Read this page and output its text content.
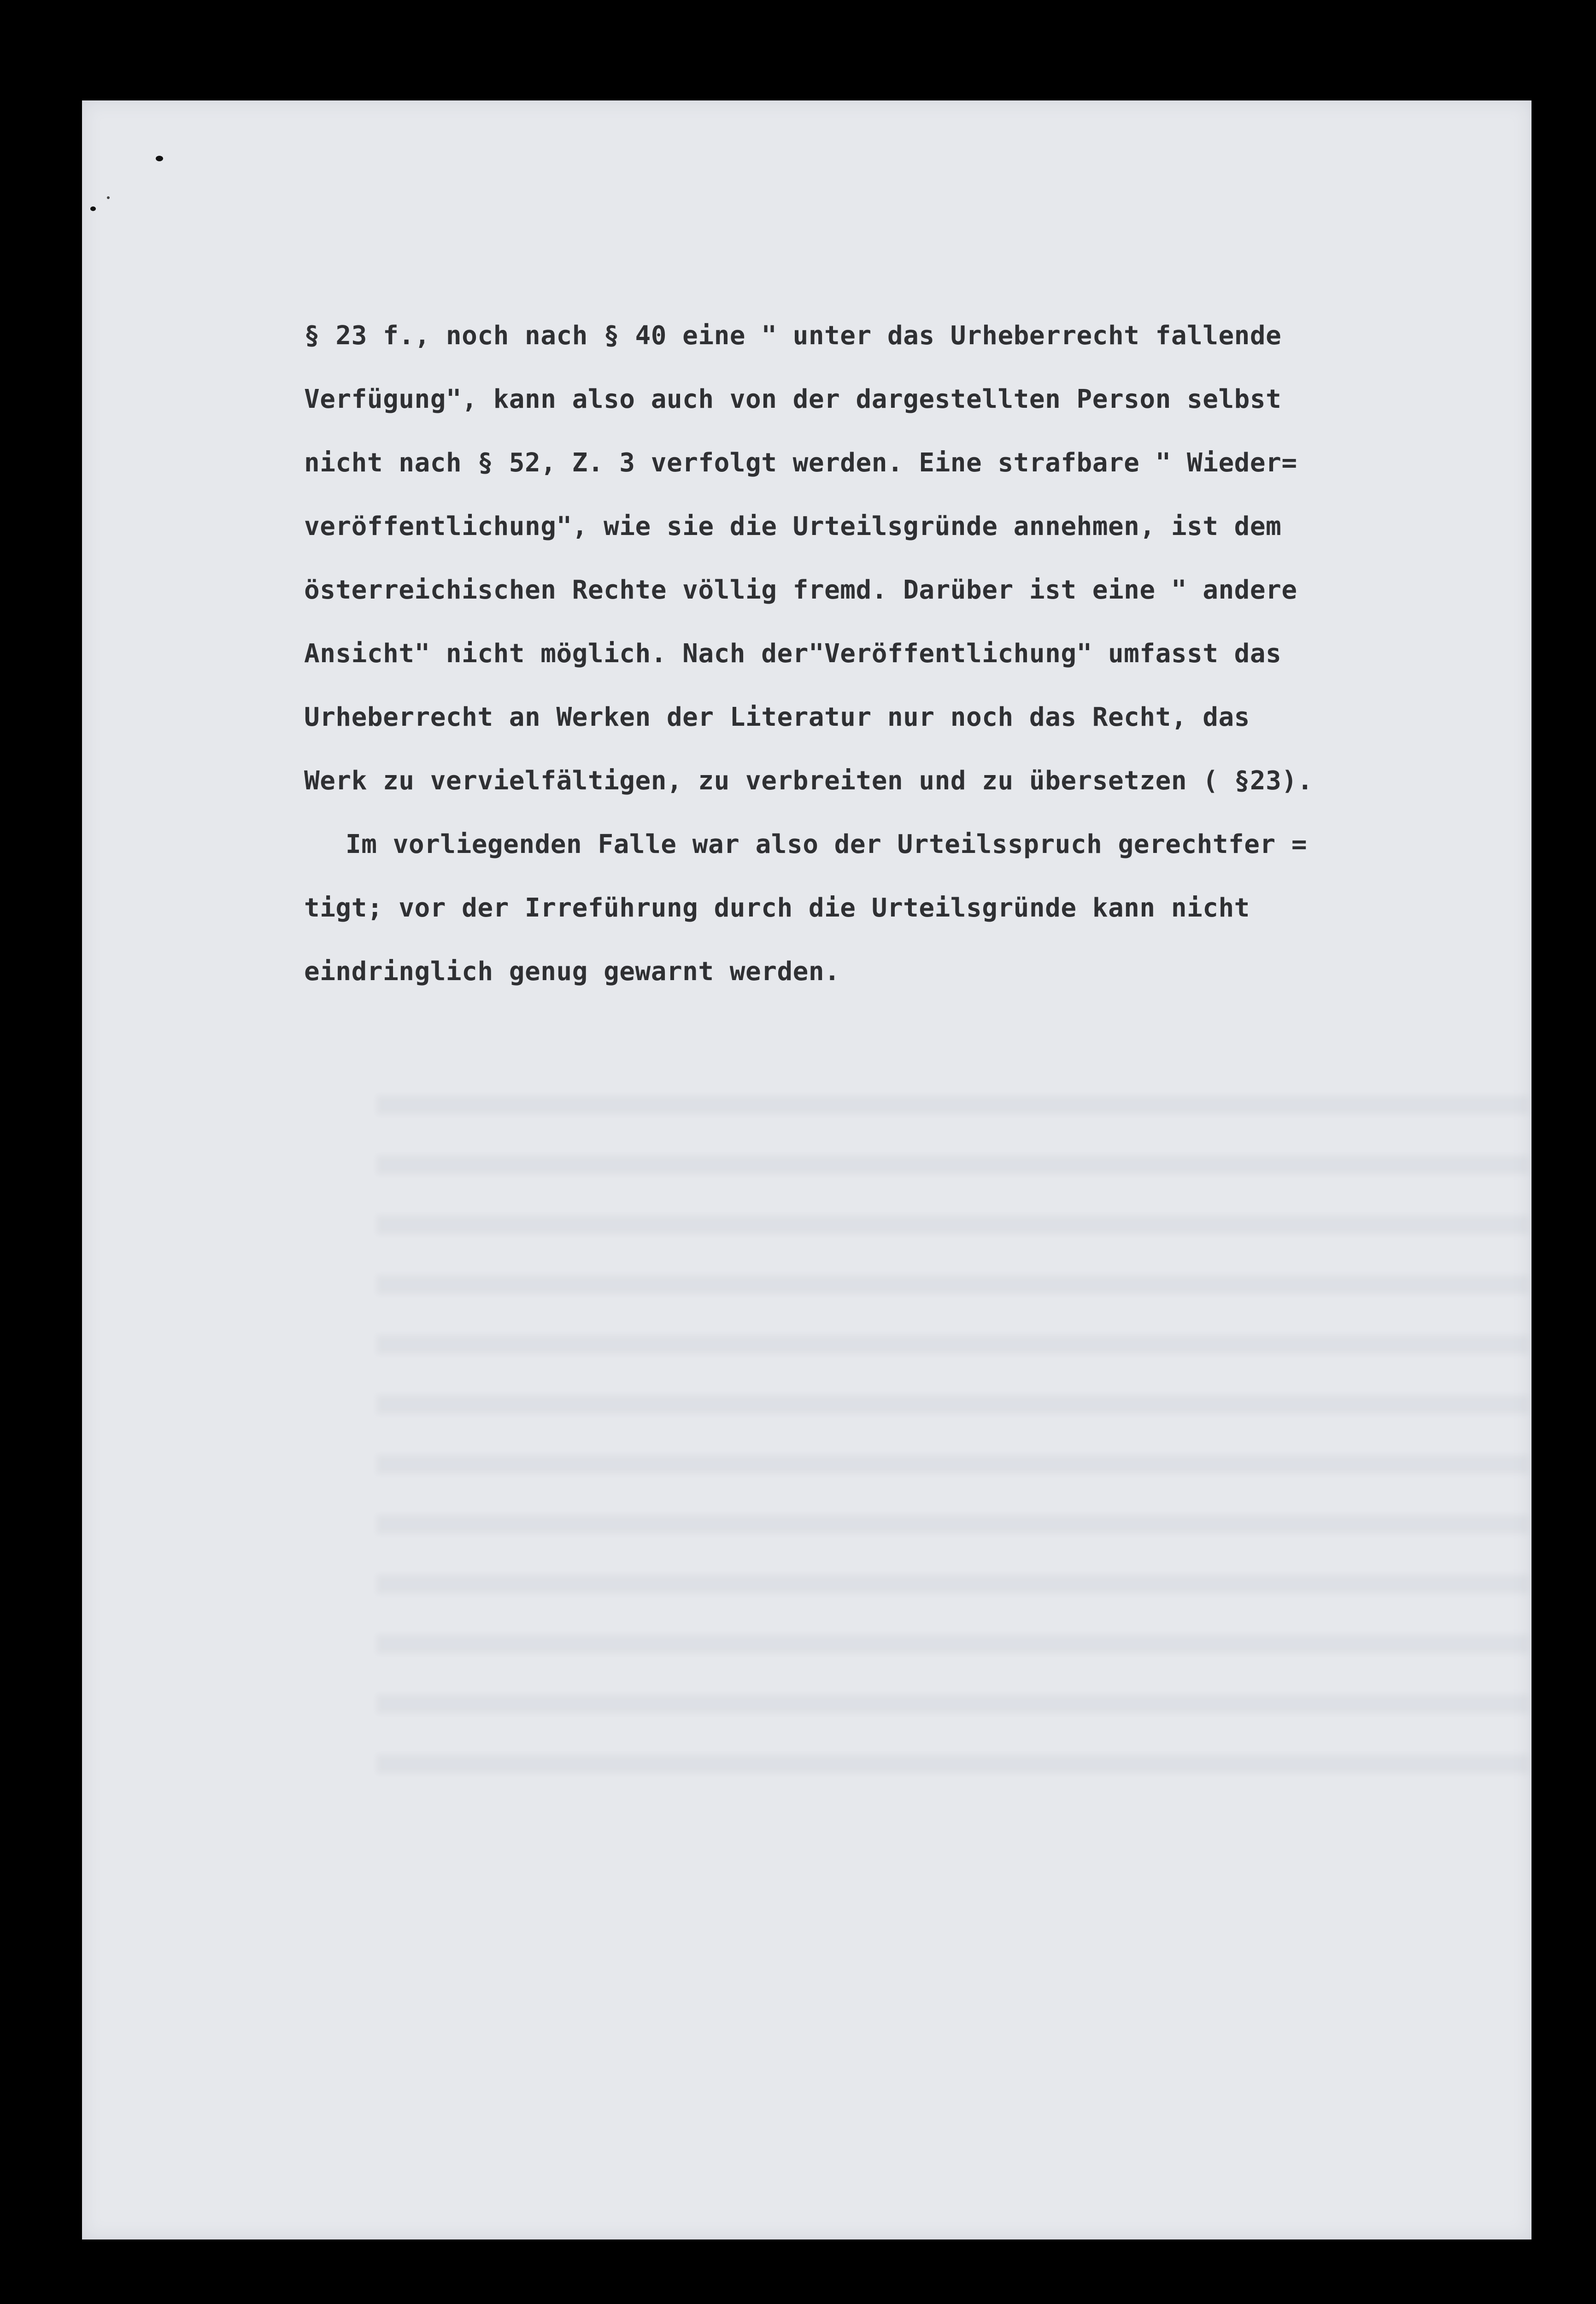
§ 23 f., noch nach § 40 eine " unter das Urheberrecht fallende
Verfügung", kann also auch von der dargestellten Person selbst
nicht nach § 52, Z. 3 verfolgt werden. Eine strafbare " Wieder=
veröffentlichung", wie sie die Urteilsgründe annehmen, ist dem
österreichischen Rechte völlig fremd. Darüber ist eine " andere
Ansicht" nicht möglich. Nach der"Veröffentlichung" umfasst das
Urheberrecht an Werken der Literatur nur noch das Recht, das
Werk zu vervielfältigen, zu verbreiten und zu übersetzen ( §23).
Im vorliegenden Falle war also der Urteilsspruch gerechtfer =
tigt; vor der Irreführung durch die Urteilsgründe kann nicht
eindringlich genug gewarnt werden.
